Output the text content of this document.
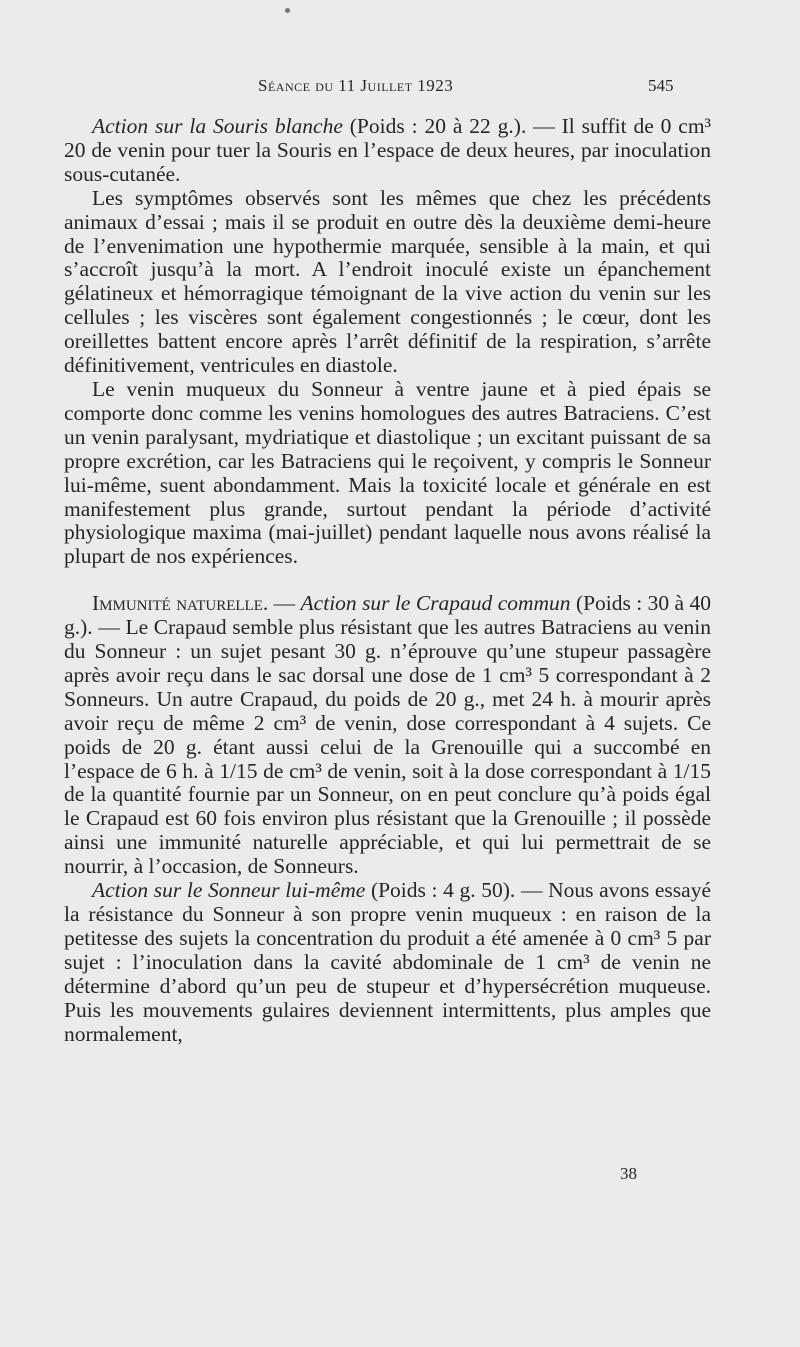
Séance du 11 Juillet 1923	545

Action sur la Souris blanche (Poids : 20 à 22 g.). — Il suffit de 0 cm³ 20 de venin pour tuer la Souris en l’espace de deux heures, par inoculation sous-cutanée.

Les symptômes observés sont les mêmes que chez les précédents animaux d’essai ; mais il se produit en outre dès la deuxième demi-heure de l’envenimation une hypothermie marquée, sensible à la main, et qui s’accroît jusqu’à la mort. A l’endroit inoculé existe un épanchement gélatineux et hémorragique témoignant de la vive action du venin sur les cellules ; les viscères sont également congestionnés ; le cœur, dont les oreillettes battent encore après l’arrêt définitif de la respiration, s’arrête définitivement, ventricules en diastole.

Le venin muqueux du Sonneur à ventre jaune et à pied épais se comporte donc comme les venins homologues des autres Batraciens. C’est un venin paralysant, mydriatique et diastolique ; un excitant puissant de sa propre excrétion, car les Batraciens qui le reçoivent, y compris le Sonneur lui-même, suent abondamment. Mais la toxicité locale et générale en est manifestement plus grande, surtout pendant la période d’activité physiologique maxima (mai-juillet) pendant laquelle nous avons réalisé la plupart de nos expériences.

Immunité naturelle. — Action sur le Crapaud commun (Poids : 30 à 40 g.). — Le Crapaud semble plus résistant que les autres Batraciens au venin du Sonneur : un sujet pesant 30 g. n’éprouve qu’une stupeur passagère après avoir reçu dans le sac dorsal une dose de 1 cm³ 5 correspondant à 2 Sonneurs. Un autre Crapaud, du poids de 20 g., met 24 h. à mourir après avoir reçu de même 2 cm³ de venin, dose correspondant à 4 sujets. Ce poids de 20 g. étant aussi celui de la Grenouille qui a succombé en l’espace de 6 h. à 1/15 de cm³ de venin, soit à la dose correspondant à 1/15 de la quantité fournie par un Sonneur, on en peut conclure qu’à poids égal le Crapaud est 60 fois environ plus résistant que la Grenouille ; il possède ainsi une immunité naturelle appréciable, et qui lui permettrait de se nourrir, à l’occasion, de Sonneurs.

Action sur le Sonneur lui-même (Poids : 4 g. 50). — Nous avons essayé la résistance du Sonneur à son propre venin muqueux : en raison de la petitesse des sujets la concentration du produit a été amenée à 0 cm³ 5 par sujet : l’inoculation dans la cavité abdominale de 1 cm³ de venin ne détermine d’abord qu’un peu de stupeur et d’hypersécrétion muqueuse. Puis les mouvements gulaires deviennent intermittents, plus amples que normalement,

38
